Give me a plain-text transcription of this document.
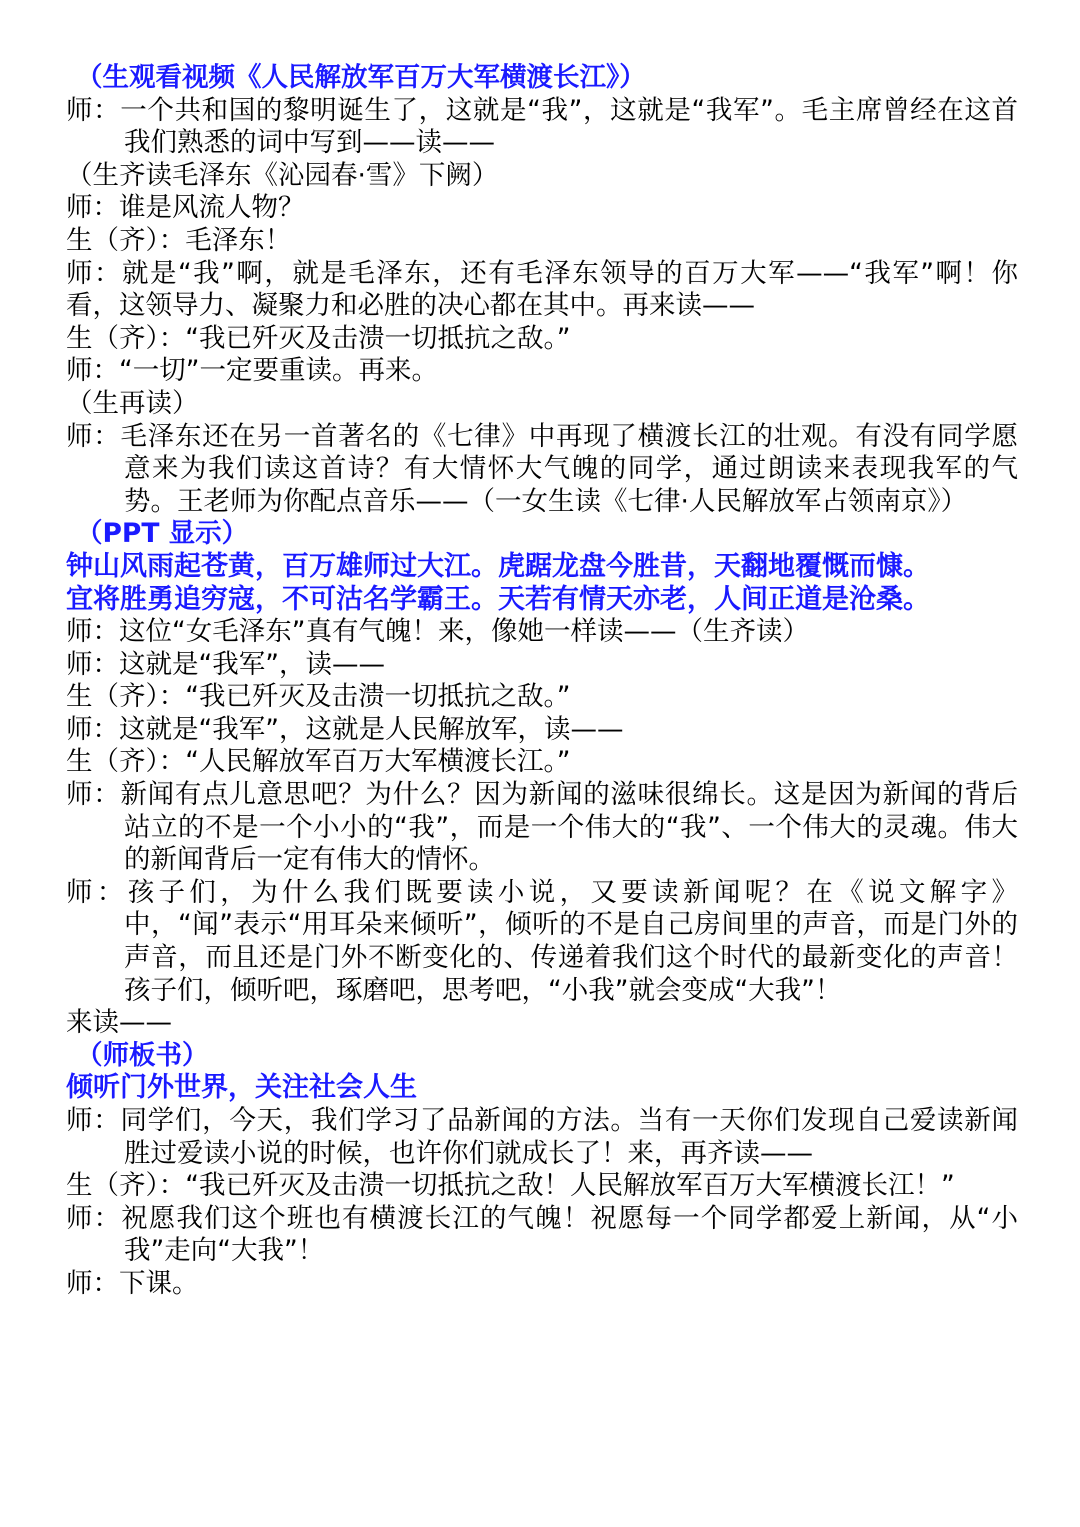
（生观看视频《人民解放军百万大军横渡长江》）
师：一个共和国的黎明诞生了，这就是“我”，这就是“我军”。毛主席曾经在这首我们熟悉的词中写到——读——
（生齐读毛泽东《沁园春·雪》下阙）
师：谁是风流人物？
生（齐）：毛泽东！
师：就是“我”啊，就是毛泽东，还有毛泽东领导的百万大军——“我军”啊！你看，这领导力、凝聚力和必胜的决心都在其中。再来读——
生（齐）：“我已歼灭及击溃一切抵抗之敌。”
师：“一切”一定要重读。再来。
（生再读）
师：毛泽东还在另一首著名的《七律》中再现了横渡长江的壮观。有没有同学愿意来为我们读这首诗？有大情怀大气魄的同学，通过朗读来表现我军的气势。王老师为你配点音乐——（一女生读《七律·人民解放军占领南京》）
（PPT 显示）
钟山风雨起苍黄，百万雄师过大江。虎踞龙盘今胜昔，天翻地覆慨而慷。
宜将胜勇追穷寇，不可沽名学霸王。天若有情天亦老，人间正道是沧桑。
师：这位“女毛泽东”真有气魄！来，像她一样读——（生齐读）
师：这就是“我军”，读——
生（齐）：“我已歼灭及击溃一切抵抗之敌。”
师：这就是“我军”，这就是人民解放军，读——
生（齐）：“人民解放军百万大军横渡长江。”
师：新闻有点儿意思吧？为什么？因为新闻的滋味很绵长。这是因为新闻的背后站立的不是一个小小的“我”，而是一个伟大的“我”、一个伟大的灵魂。伟大的新闻背后一定有伟大的情怀。
师：孩子们，为什么我们既要读小说，又要读新闻呢？在《说文解字》中，“闻”表示“用耳朵来倾听”，倾听的不是自己房间里的声音，而是门外的声音，而且还是门外不断变化的、传递着我们这个时代的最新变化的声音！孩子们，倾听吧，琢磨吧，思考吧，“小我”就会变成“大我”！
来读——
（师板书）
倾听门外世界，关注社会人生
师：同学们，今天，我们学习了品新闻的方法。当有一天你们发现自己爱读新闻胜过爱读小说的时候，也许你们就成长了！来，再齐读——
生（齐）：“我已歼灭及击溃一切抵抗之敌！人民解放军百万大军横渡长江！”
师：祝愿我们这个班也有横渡长江的气魄！祝愿每一个同学都爱上新闻，从“小我”走向“大我”！
师：下课。
